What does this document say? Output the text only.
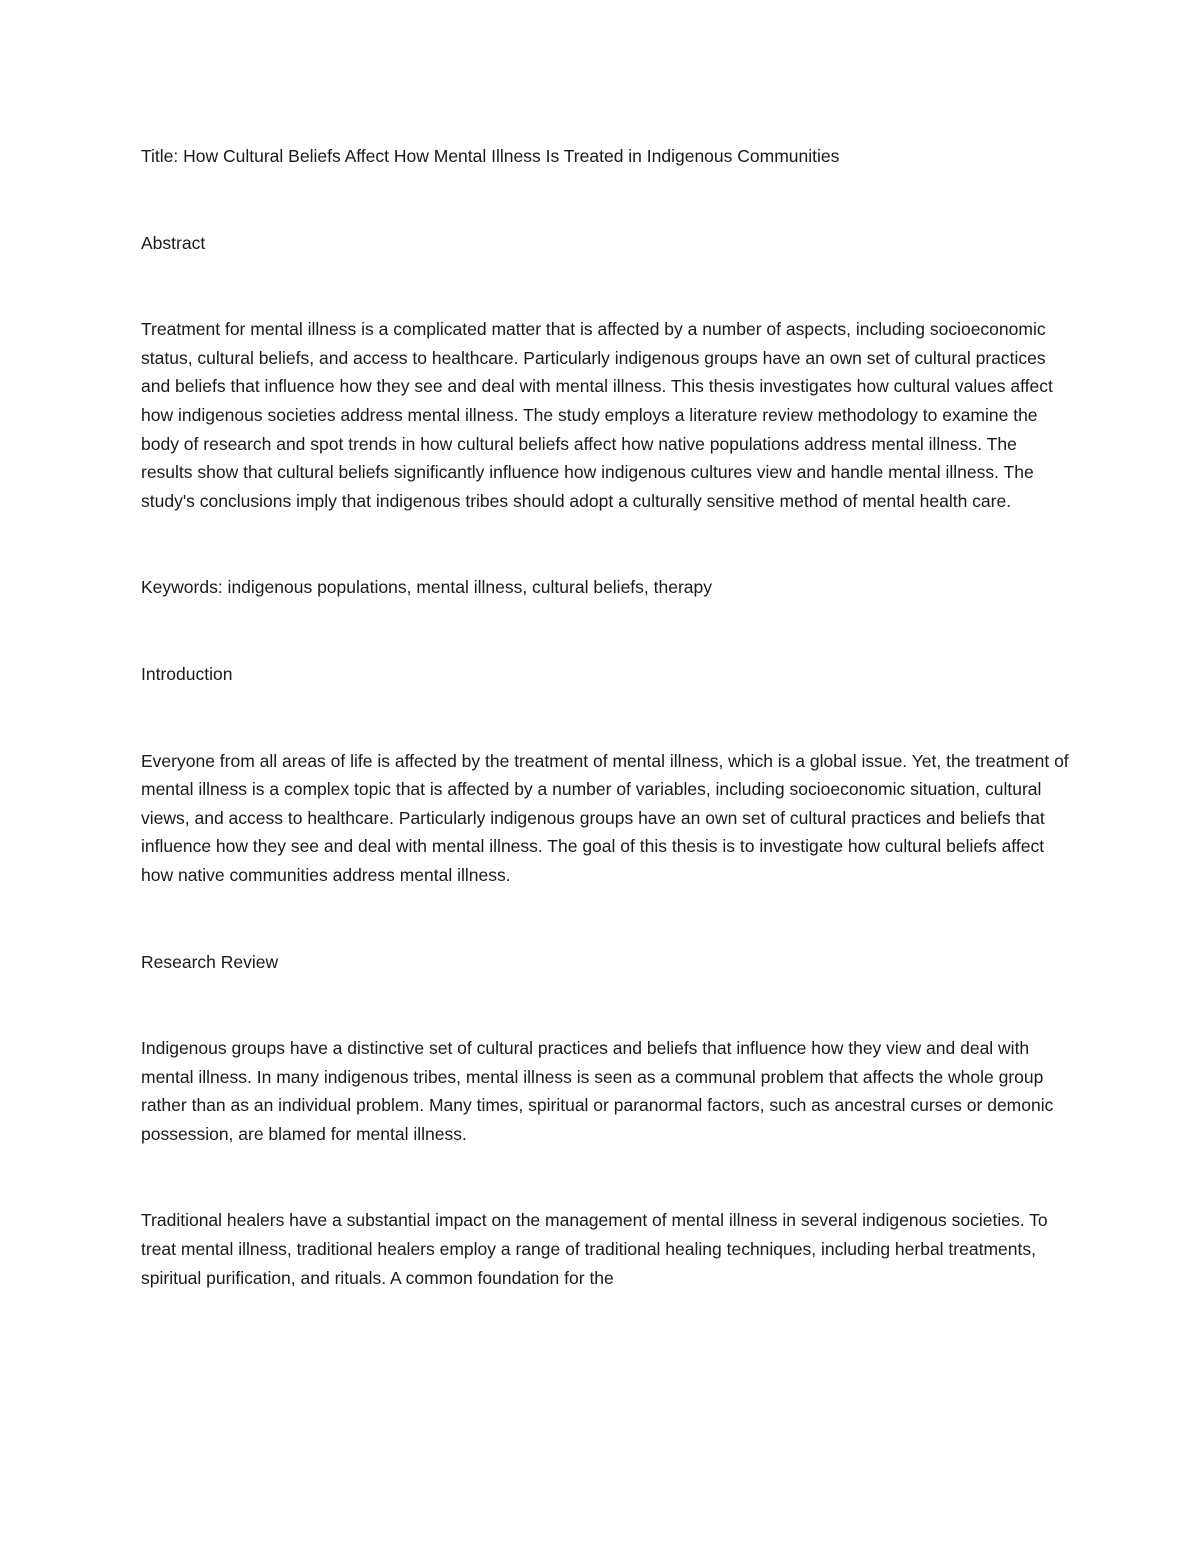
Title: How Cultural Beliefs Affect How Mental Illness Is Treated in Indigenous Communities

Abstract

Treatment for mental illness is a complicated matter that is affected by a number of aspects, including socioeconomic status, cultural beliefs, and access to healthcare. Particularly indigenous groups have an own set of cultural practices and beliefs that influence how they see and deal with mental illness. This thesis investigates how cultural values affect how indigenous societies address mental illness. The study employs a literature review methodology to examine the body of research and spot trends in how cultural beliefs affect how native populations address mental illness. The results show that cultural beliefs significantly influence how indigenous cultures view and handle mental illness. The study's conclusions imply that indigenous tribes should adopt a culturally sensitive method of mental health care.

Keywords: indigenous populations, mental illness, cultural beliefs, therapy

Introduction

Everyone from all areas of life is affected by the treatment of mental illness, which is a global issue. Yet, the treatment of mental illness is a complex topic that is affected by a number of variables, including socioeconomic situation, cultural views, and access to healthcare. Particularly indigenous groups have an own set of cultural practices and beliefs that influence how they see and deal with mental illness. The goal of this thesis is to investigate how cultural beliefs affect how native communities address mental illness.

Research Review

Indigenous groups have a distinctive set of cultural practices and beliefs that influence how they view and deal with mental illness. In many indigenous tribes, mental illness is seen as a communal problem that affects the whole group rather than as an individual problem. Many times, spiritual or paranormal factors, such as ancestral curses or demonic possession, are blamed for mental illness.

Traditional healers have a substantial impact on the management of mental illness in several indigenous societies. To treat mental illness, traditional healers employ a range of traditional healing techniques, including herbal treatments, spiritual purification, and rituals. A common foundation for the
